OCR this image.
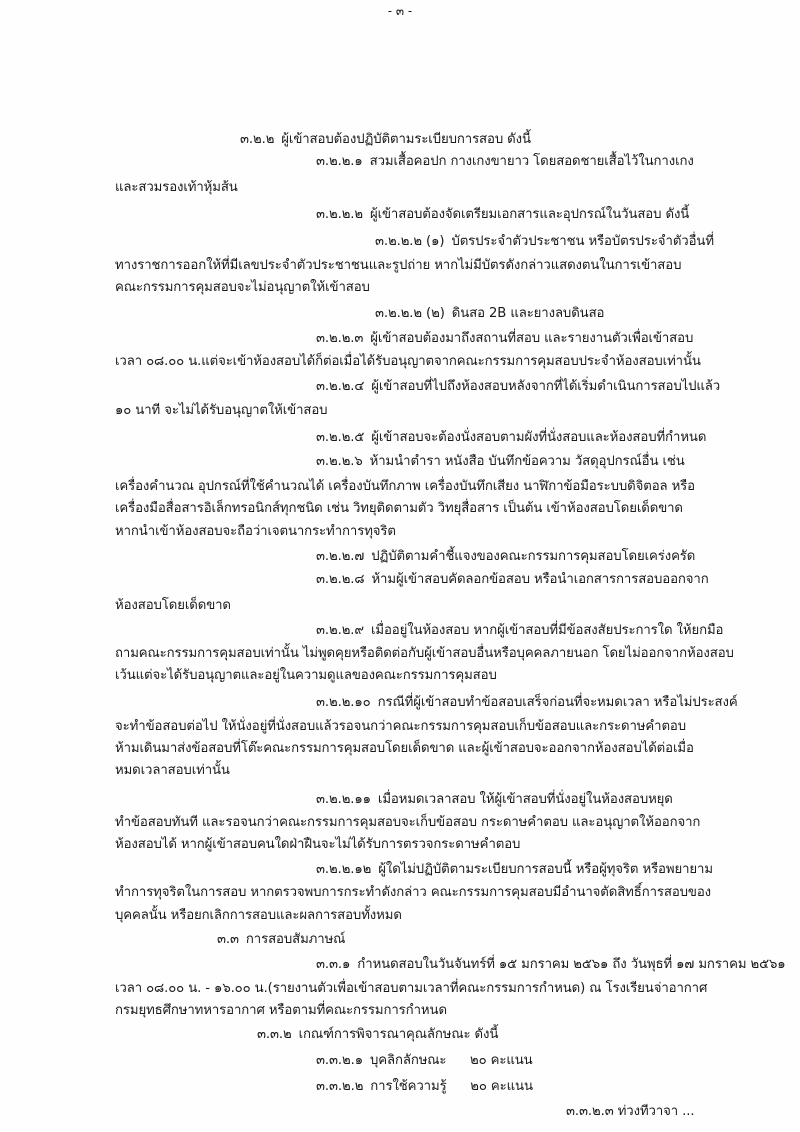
- ๓ -
๓.๒.๒ ผู้เข้าสอบต้องปฏิบัติตามระเบียบการสอบ ดังนี้
๓.๒.๒.๑ สวมเสื้อคอปก กางเกงขายาว โดยสอดชายเสื้อไว้ในกางเกง
และสวมรองเท้าหุ้มส้น
๓.๒.๒.๒ ผู้เข้าสอบต้องจัดเตรียมเอกสารและอุปกรณ์ในวันสอบ ดังนี้
๓.๒.๒.๒ (๑) บัตรประจำตัวประชาชน หรือบัตรประจำตัวอื่นที่
ทางราชการออกให้ที่มีเลขประจำตัวประชาชนและรูปถ่าย หากไม่มีบัตรดังกล่าวแสดงตนในการเข้าสอบ
คณะกรรมการคุมสอบจะไม่อนุญาตให้เข้าสอบ
๓.๒.๒.๒ (๒) ดินสอ 2B และยางลบดินสอ
๓.๒.๒.๓ ผู้เข้าสอบต้องมาถึงสถานที่สอบ และรายงานตัวเพื่อเข้าสอบ
เวลา ๐๘.๐๐ น.แต่จะเข้าห้องสอบได้ก็ต่อเมื่อได้รับอนุญาตจากคณะกรรมการคุมสอบประจำห้องสอบเท่านั้น
๓.๒.๒.๔ ผู้เข้าสอบที่ไปถึงห้องสอบหลังจากที่ได้เริ่มดำเนินการสอบไปแล้ว
๑๐ นาที จะไม่ได้รับอนุญาตให้เข้าสอบ
๓.๒.๒.๕ ผู้เข้าสอบจะต้องนั่งสอบตามผังที่นั่งสอบและห้องสอบที่กำหนด
๓.๒.๒.๖ ห้ามนำตำรา หนังสือ บันทึกข้อความ วัสดุอุปกรณ์อื่น เช่น
เครื่องคำนวณ อุปกรณ์ที่ใช้คำนวณได้ เครื่องบันทึกภาพ เครื่องบันทึกเสียง นาฬิกาข้อมือระบบดิจิตอล หรือ
เครื่องมือสื่อสารอิเล็กทรอนิกส์ทุกชนิด เช่น วิทยุติดตามตัว วิทยุสื่อสาร เป็นต้น เข้าห้องสอบโดยเด็ดขาด
หากนำเข้าห้องสอบจะถือว่าเจตนากระทำการทุจริต
๓.๒.๒.๗ ปฏิบัติตามคำชี้แจงของคณะกรรมการคุมสอบโดยเคร่งครัด
๓.๒.๒.๘ ห้ามผู้เข้าสอบคัดลอกข้อสอบ หรือนำเอกสารการสอบออกจาก
ห้องสอบโดยเด็ดขาด
๓.๒.๒.๙ เมื่ออยู่ในห้องสอบ หากผู้เข้าสอบที่มีข้อสงสัยประการใด ให้ยกมือ
ถามคณะกรรมการคุมสอบเท่านั้น ไม่พูดคุยหรือติดต่อกับผู้เข้าสอบอื่นหรือบุคคลภายนอก โดยไม่ออกจากห้องสอบ
เว้นแต่จะได้รับอนุญาตและอยู่ในความดูแลของคณะกรรมการคุมสอบ
๓.๒.๒.๑๐ กรณีที่ผู้เข้าสอบทำข้อสอบเสร็จก่อนที่จะหมดเวลา หรือไม่ประสงค์
จะทำข้อสอบต่อไป ให้นั่งอยู่ที่นั่งสอบแล้วรอจนกว่าคณะกรรมการคุมสอบเก็บข้อสอบและกระดาษคำตอบ
ห้ามเดินมาส่งข้อสอบที่โต๊ะคณะกรรมการคุมสอบโดยเด็ดขาด และผู้เข้าสอบจะออกจากห้องสอบได้ต่อเมื่อ
หมดเวลาสอบเท่านั้น
๓.๒.๒.๑๑ เมื่อหมดเวลาสอบ ให้ผู้เข้าสอบที่นั่งอยู่ในห้องสอบหยุด
ทำข้อสอบทันที และรอจนกว่าคณะกรรมการคุมสอบจะเก็บข้อสอบ กระดาษคำตอบ และอนุญาตให้ออกจาก
ห้องสอบได้ หากผู้เข้าสอบคนใดฝ่าฝืนจะไม่ได้รับการตรวจกระดาษคำตอบ
๓.๒.๒.๑๒ ผู้ใดไม่ปฏิบัติตามระเบียบการสอบนี้ หรือผู้ทุจริต หรือพยายาม
ทำการทุจริตในการสอบ หากตรวจพบการกระทำดังกล่าว คณะกรรมการคุมสอบมีอำนาจตัดสิทธิ์การสอบของ
บุคคลนั้น หรือยกเลิกการสอบและผลการสอบทั้งหมด
๓.๓ การสอบสัมภาษณ์
๓.๓.๑ กำหนดสอบในวันจันทร์ที่ ๑๕ มกราคม ๒๕๖๑ ถึง วันพุธที่ ๑๗ มกราคม ๒๕๖๑
เวลา ๐๘.๐๐ น. - ๑๖.๐๐ น.(รายงานตัวเพื่อเข้าสอบตามเวลาที่คณะกรรมการกำหนด) ณ โรงเรียนจ่าอากาศ
กรมยุทธศึกษาทหารอากาศ หรือตามที่คณะกรรมการกำหนด
๓.๓.๒ เกณฑ์การพิจารณาคุณลักษณะ ดังนี้
๓.๓.๒.๑ บุคลิกลักษณะ ๒๐ คะแนน
๓.๓.๒.๒ การใช้ความรู้ ๒๐ คะแนน
๓.๓.๒.๓ ท่วงทีวาจา ...
